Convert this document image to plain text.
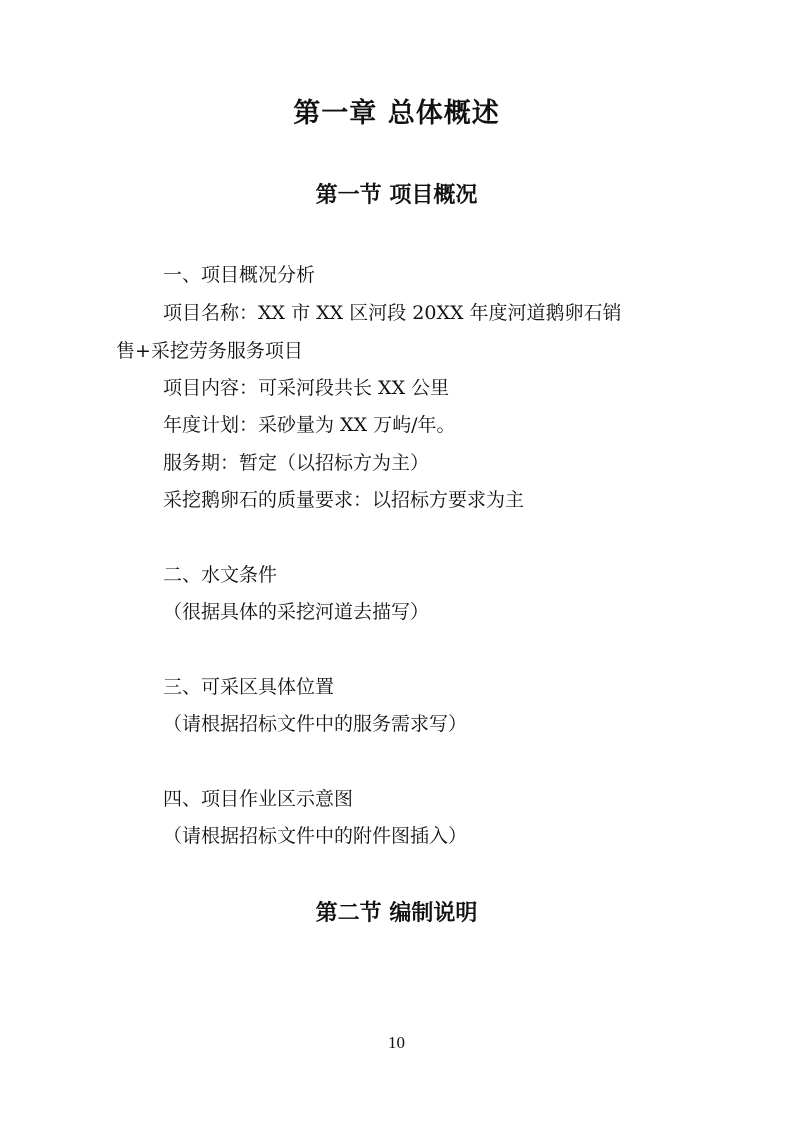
第一章 总体概述
第一节 项目概况
一、项目概况分析
项目名称：XX 市 XX 区河段 20XX 年度河道鹅卵石销
售+采挖劳务服务项目
项目内容：可采河段共长 XX 公里
年度计划：采砂量为 XX 万屿/年。
服务期：暂定（以招标方为主）
采挖鹅卵石的质量要求：以招标方要求为主
二、水文条件
（很据具体的采挖河道去描写）
三、可采区具体位置
（请根据招标文件中的服务需求写）
四、项目作业区示意图
（请根据招标文件中的附件图插入）
第二节 编制说明
10
